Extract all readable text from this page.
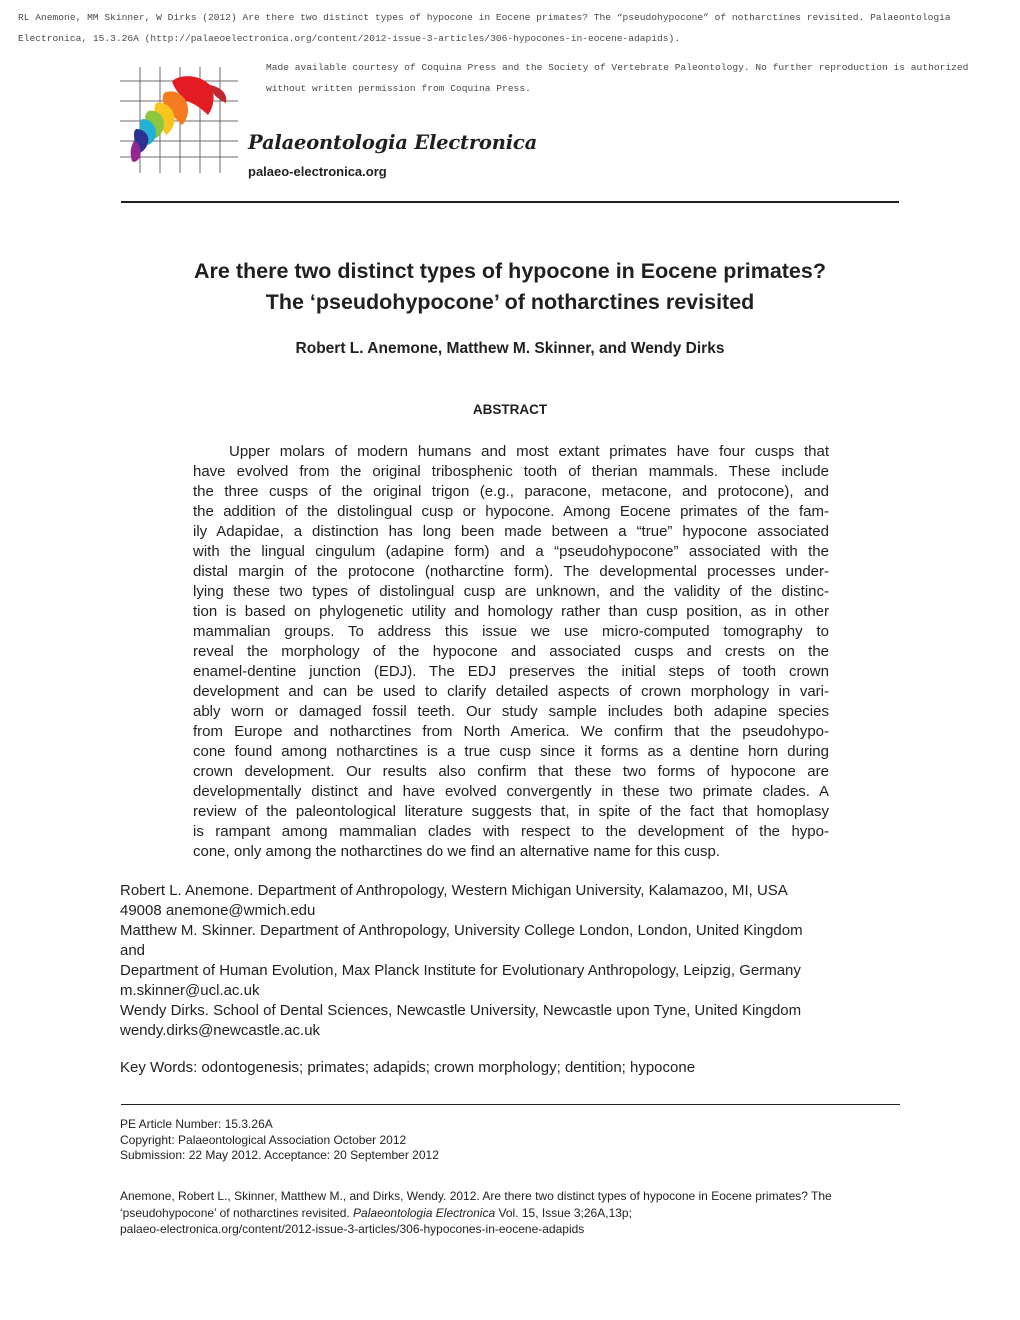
RL Anemone, MM Skinner, W Dirks (2012) Are there two distinct types of hypocone in Eocene primates? The “pseudohypocone” of notharctines revisited. Palaeontologia
Electronica, 15.3.26A (http://palaeoelectronica.org/content/2012-issue-3-articles/306-hypocones-in-eocene-adapids).
Made available courtesy of Coquina Press and the Society of Vertebrate Paleontology. No further reproduction is authorized
without written permission from Coquina Press.
Palaeontologia Electronica
palaeo-electronica.org
Are there two distinct types of hypocone in Eocene primates?
The ‘pseudohypocone’ of notharctines revisited
Robert L. Anemone, Matthew M. Skinner, and Wendy Dirks
ABSTRACT
Upper molars of modern humans and most extant primates have four cusps that
have evolved from the original tribosphenic tooth of therian mammals. These include
the three cusps of the original trigon (e.g., paracone, metacone, and protocone), and
the addition of the distolingual cusp or hypocone. Among Eocene primates of the fam-
ily Adapidae, a distinction has long been made between a “true” hypocone associated
with the lingual cingulum (adapine form) and a “pseudohypocone” associated with the
distal margin of the protocone (notharctine form). The developmental processes under-
lying these two types of distolingual cusp are unknown, and the validity of the distinc-
tion is based on phylogenetic utility and homology rather than cusp position, as in other
mammalian groups. To address this issue we use micro-computed tomography to
reveal the morphology of the hypocone and associated cusps and crests on the
enamel-dentine junction (EDJ). The EDJ preserves the initial steps of tooth crown
development and can be used to clarify detailed aspects of crown morphology in vari-
ably worn or damaged fossil teeth. Our study sample includes both adapine species
from Europe and notharctines from North America. We confirm that the pseudohypo-
cone found among notharctines is a true cusp since it forms as a dentine horn during
crown development. Our results also confirm that these two forms of hypocone are
developmentally distinct and have evolved convergently in these two primate clades. A
review of the paleontological literature suggests that, in spite of the fact that homoplasy
is rampant among mammalian clades with respect to the development of the hypo-
cone, only among the notharctines do we find an alternative name for this cusp.
Robert L. Anemone. Department of Anthropology, Western Michigan University, Kalamazoo, MI, USA
49008 anemone@wmich.edu
Matthew M. Skinner. Department of Anthropology, University College London, London, United Kingdom
and
Department of Human Evolution, Max Planck Institute for Evolutionary Anthropology, Leipzig, Germany
m.skinner@ucl.ac.uk
Wendy Dirks. School of Dental Sciences, Newcastle University, Newcastle upon Tyne, United Kingdom
wendy.dirks@newcastle.ac.uk
Key Words: odontogenesis; primates; adapids; crown morphology; dentition; hypocone
PE Article Number: 15.3.26A
Copyright: Palaeontological Association October 2012
Submission: 22 May 2012. Acceptance: 20 September 2012
Anemone, Robert L., Skinner, Matthew M., and Dirks, Wendy. 2012. Are there two distinct types of hypocone in Eocene primates? The
‘pseudohypocone’ of notharctines revisited. Palaeontologia Electronica Vol. 15, Issue 3;26A,13p;
palaeo-electronica.org/content/2012-issue-3-articles/306-hypocones-in-eocene-adapids
